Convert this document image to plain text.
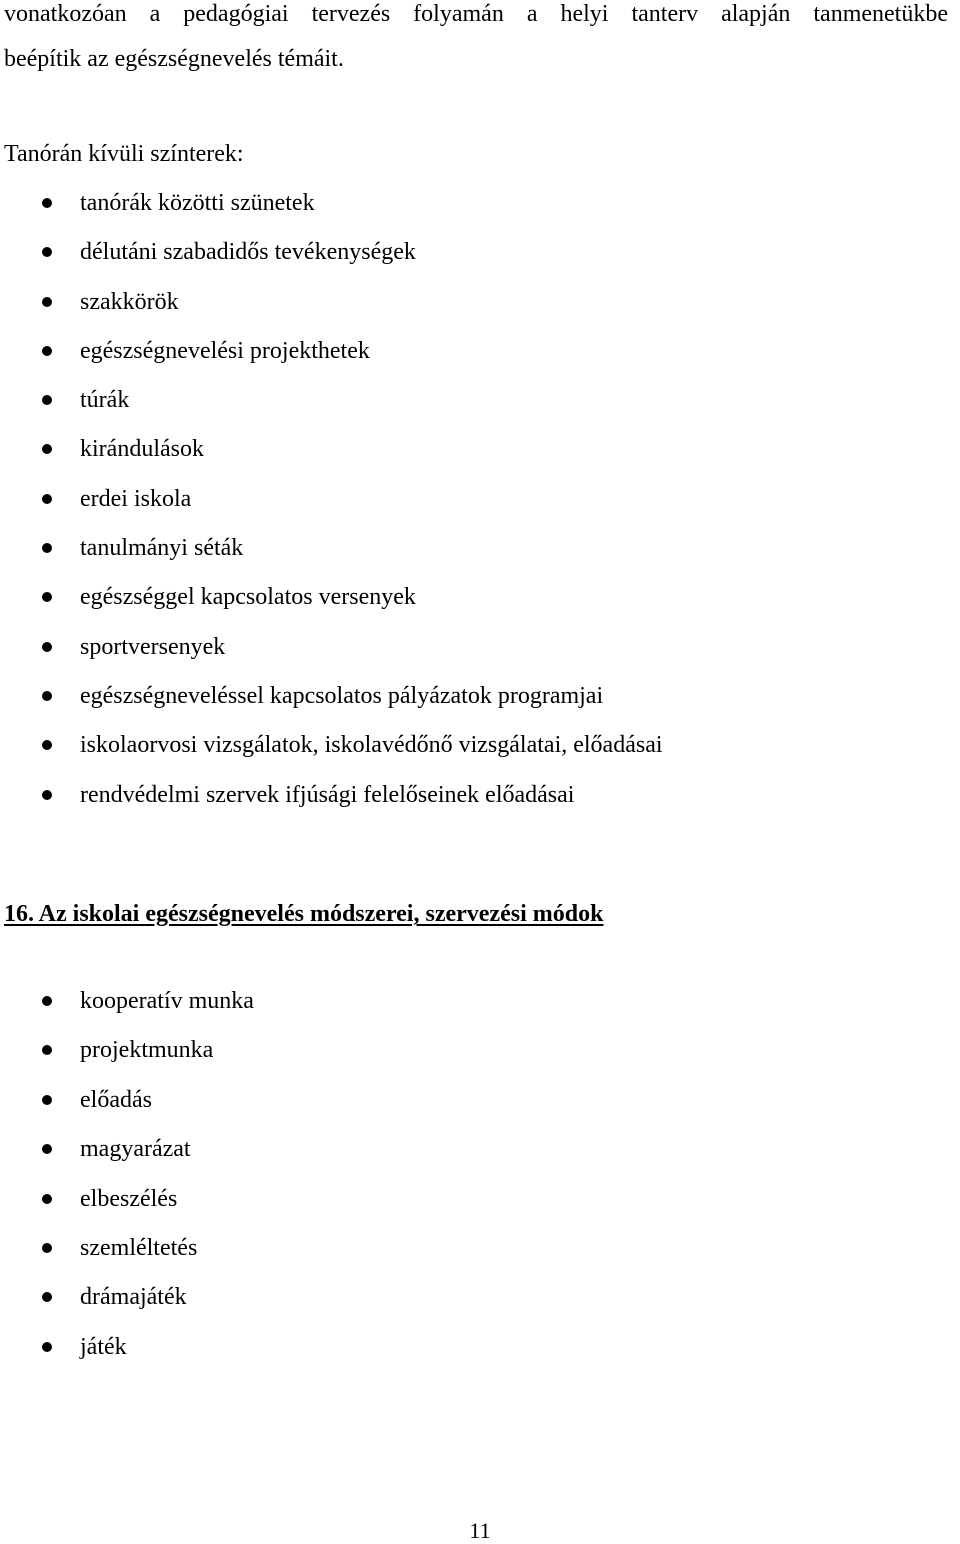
vonatkozóan a pedagógiai tervezés folyamán a helyi tanterv alapján tanmenetükbe
beépítik az egészségnevelés témáit.
Tanórán kívüli színterek:
tanórák közötti szünetek
délutáni szabadidős tevékenységek
szakkörök
egészségnevelési projekthetek
túrák
kirándulások
erdei iskola
tanulmányi séták
egészséggel kapcsolatos versenyek
sportversenyek
egészségneveléssel kapcsolatos pályázatok programjai
iskolaorvosi vizsgálatok, iskolavédőnő vizsgálatai, előadásai
rendvédelmi szervek ifjúsági felelőseinek előadásai
16. Az iskolai egészségnevelés módszerei, szervezési módok
kooperatív munka
projektmunka
előadás
magyarázat
elbeszélés
szemléltetés
drámajáték
játék
11
